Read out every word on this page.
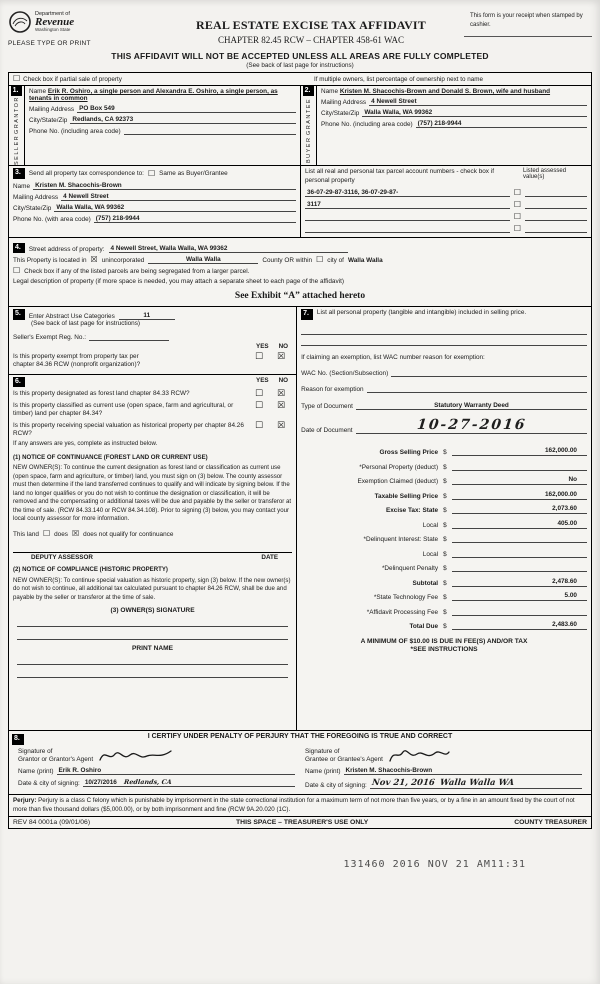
Department of
Revenue
Washington State
PLEASE TYPE OR PRINT
REAL ESTATE EXCISE TAX AFFIDAVIT
CHAPTER 82.45 RCW – CHAPTER 458-61 WAC
This form is your receipt when stamped by cashier.
THIS AFFIDAVIT WILL NOT BE ACCEPTED UNLESS ALL AREAS ARE FULLY COMPLETED
(See back of last page for instructions)
☐ Check box if partial sale of property	If multiple owners, list percentage of ownership next to name
1.
SELLER
GRANTOR
Name Erik R. Oshiro, a single person and Alexandra E. Oshiro, a single person, as tenants in common
Mailing Address PO Box 549
City/State/Zip Redlands, CA 92373
Phone No. (including area code)
2.
BUYER
GRANTEE
Name Kristen M. Shacochis-Brown and Donald S. Brown, wife and husband
Mailing Address 4 Newell Street
City/State/Zip Walla Walla, WA 99362
Phone No. (including area code) (757) 218-9944
3.	Send all property tax correspondence to: ☐ Same as Buyer/Grantee
Name Kristen M. Shacochis-Brown
Mailing Address 4 Newell Street
City/State/Zip Walla Walla, WA 99362
Phone No. (with area code) (757) 218-9944
List all real and personal tax parcel account numbers - check box if personal property
Listed assessed value(s)
36-07-29-87-3116, 36-07-29-87-	☐
3117	☐
☐
☐
4.	Street address of property: 4 Newell Street, Walla Walla, WA 99362
This Property is located in ☒ unincorporated	Walla Walla	County OR within ☐ city of Walla Walla
☐ Check box if any of the listed parcels are being segregated from a larger parcel.
Legal description of property (if more space is needed, you may attach a separate sheet to each page of the affidavit)
See Exhibit “A” attached hereto
5.	Enter Abstract Use Categories	11
(See back of last page for instructions)
Seller's Exempt Reg. No.:
YES NO
Is this property exempt from property tax per
chapter 84.36 RCW (nonprofit organization)?
☐	☒
6.	YES NO
Is this property designated as forest land chapter 84.33 RCW?	☐	☒
Is this property classified as current use (open space, farm and agricultural, or timber) land per chapter 84.34?
☐	☒
Is this property receiving special valuation as historical property per chapter 84.26 RCW?
☐	☒
If any answers are yes, complete as instructed below.
(1) NOTICE OF CONTINUANCE (FOREST LAND OR CURRENT USE)
NEW OWNER(S): To continue the current designation as forest land or classification as current use (open space, farm and agriculture, or timber) land, you must sign on (3) below. The county assessor must then determine if the land transferred continues to qualify and will indicate by signing below. If the land no longer qualifies or you do not wish to continue the designation or classification, it will be removed and the compensating or additional taxes will be due and payable by the seller or transferor at the time of sale. (RCW 84.33.140 or RCW 84.34.108). Prior to signing (3) below, you may contact your local county assessor for more information.
This land ☐ does ☒ does not qualify for continuance
DEPUTY ASSESSOR	DATE
(2) NOTICE OF COMPLIANCE (HISTORIC PROPERTY)
NEW OWNER(S): To continue special valuation as historic property, sign (3) below. If the new owner(s) do not wish to continue, all additional tax calculated pursuant to chapter 84.26 RCW, shall be due and payable by the seller or transferor at the time of sale.
(3) OWNER(S) SIGNATURE
PRINT NAME
7.	List all personal property (tangible and intangible) included in selling price.
If claiming an exemption, list WAC number reason for exemption:
WAC No. (Section/Subsection)
Reason for exemption
Type of Document	Statutory Warranty Deed
Date of Document	10-27-2016
Gross Selling Price $	162,000.00
*Personal Property (deduct) $
Exemption Claimed (deduct) $	No
Taxable Selling Price $	162,000.00
Excise Tax: State $	2,073.60
Local $	405.00
*Delinquent Interest: State $
Local $
*Delinquent Penalty $
Subtotal $	2,478.60
*State Technology Fee $	5.00
*Affidavit Processing Fee $
Total Due $	2,483.60
A MINIMUM OF $10.00 IS DUE IN FEE(S) AND/OR TAX
*SEE INSTRUCTIONS
8.	I CERTIFY UNDER PENALTY OF PERJURY THAT THE FOREGOING IS TRUE AND CORRECT
Signature of
Grantor or Grantor's Agent
Name (print) Erik R. Oshiro
Date & city of signing: 10/27/2016 Redlands, CA
Signature of
Grantee or Grantee's Agent
Name (print) Kristen M. Shacochis-Brown
Date & city of signing: Nov 21, 2016 Walla Walla WA
Perjury: Perjury is a class C felony which is punishable by imprisonment in the state correctional institution for a maximum term of not more than five years, or by a fine in an amount fixed by the court of not more than five thousand dollars ($5,000.00), or by both imprisonment and fine (RCW 9A.20.020 (1C).
REV 84 0001a (09/01/06)	THIS SPACE – TREASURER'S USE ONLY	COUNTY TREASURER
131460 2016 NOV 21 AM11:31
